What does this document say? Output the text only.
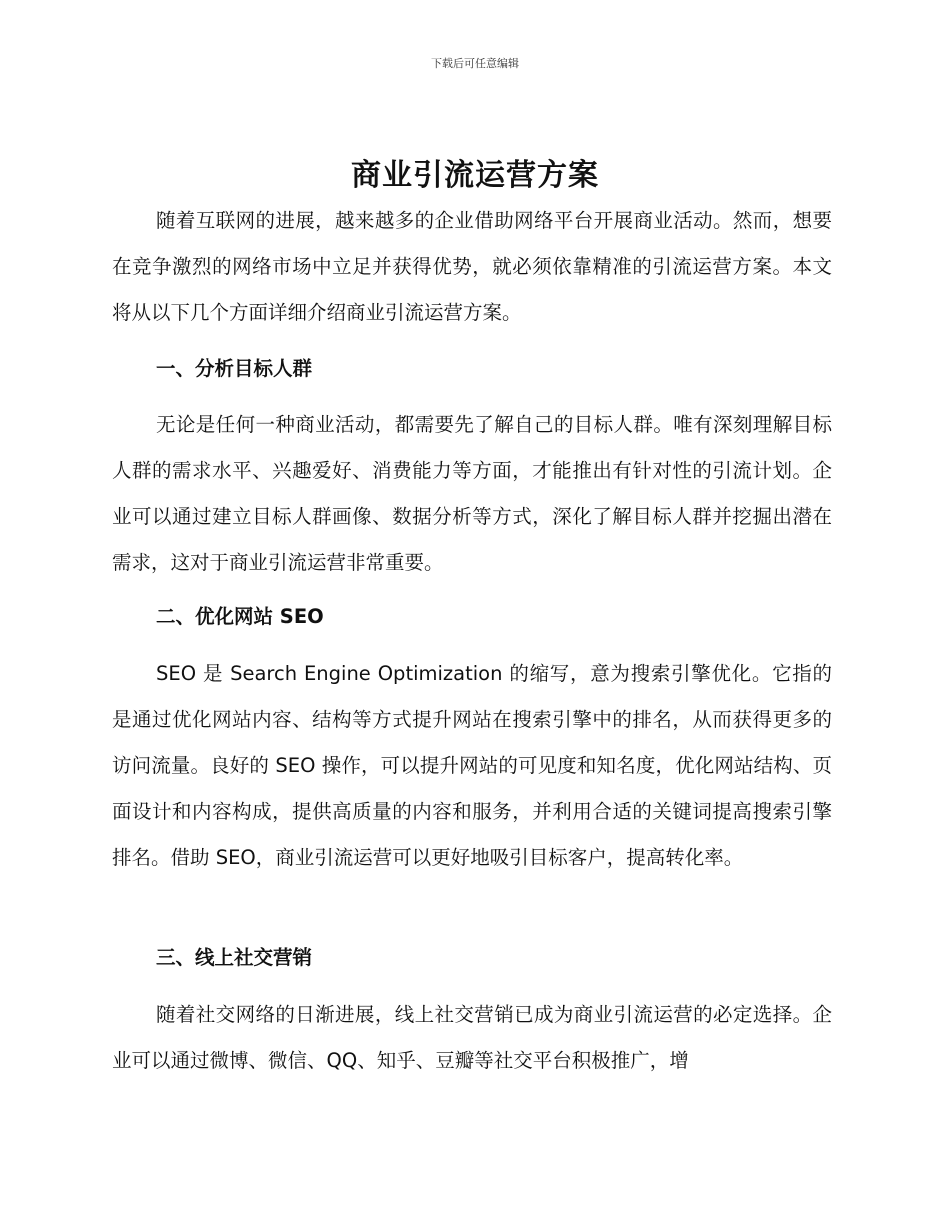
下载后可任意编辑
商业引流运营方案

随着互联网的进展，越来越多的企业借助网络平台开展商业活动。然而，想要在竞争激烈的网络市场中立足并获得优势，就必须依靠精准的引流运营方案。本文将从以下几个方面详细介绍商业引流运营方案。

一、分析目标人群

无论是任何一种商业活动，都需要先了解自己的目标人群。唯有深刻理解目标人群的需求水平、兴趣爱好、消费能力等方面，才能推出有针对性的引流计划。企业可以通过建立目标人群画像、数据分析等方式，深化了解目标人群并挖掘出潜在需求，这对于商业引流运营非常重要。

二、优化网站 SEO

SEO 是 Search Engine Optimization 的缩写，意为搜索引擎优化。它指的是通过优化网站内容、结构等方式提升网站在搜索引擎中的排名，从而获得更多的访问流量。良好的 SEO 操作，可以提升网站的可见度和知名度，优化网站结构、页面设计和内容构成，提供高质量的内容和服务，并利用合适的关键词提高搜索引擎排名。借助 SEO，商业引流运营可以更好地吸引目标客户，提高转化率。

三、线上社交营销

随着社交网络的日渐进展，线上社交营销已成为商业引流运营的必定选择。企业可以通过微博、微信、QQ、知乎、豆瓣等社交平台积极推广，增
